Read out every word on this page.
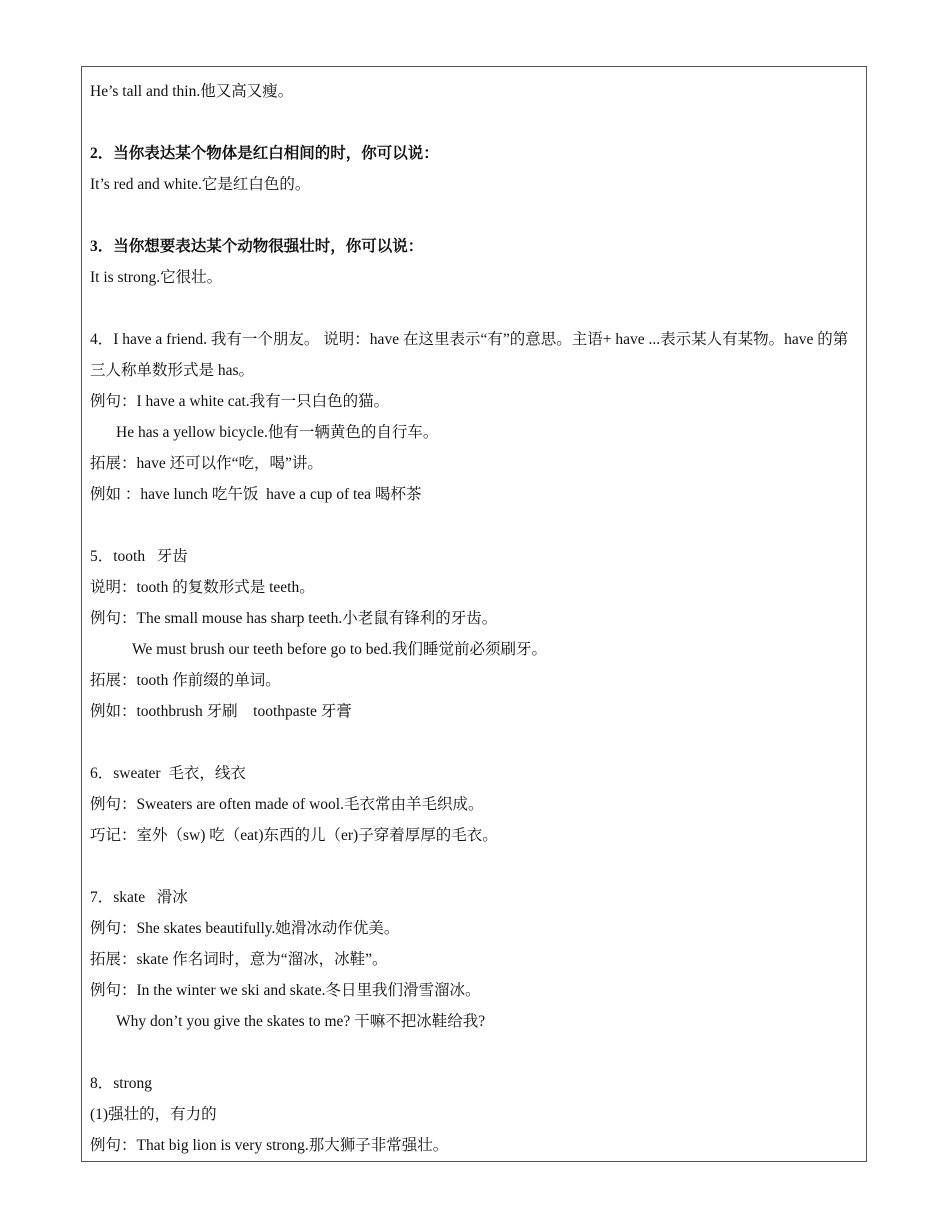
He’s tall and thin.他又高又瘦。
2．当你表达某个物体是红白相间的时，你可以说：
It’s red and white.它是红白色的。
3．当你想要表达某个动物很强壮时，你可以说：
It is strong.它很壮。
4．I have a friend. 我有一个朋友。 说明：have 在这里表示“有”的意思。主语+ have ...表示某人有某物。have 的第三人称单数形式是 has。
例句：I have a white cat.我有一只白色的猫。
He has a yellow bicycle.他有一辆黄色的自行车。
拓展：have 还可以作“吃，喝”讲。
例如 ：have lunch 吃午饭  have a cup of tea 喝杯茶
5．tooth   牙齿
说明：tooth 的复数形式是 teeth。
例句：The small mouse has sharp teeth.小老鼠有锋利的牙齿。
We must brush our teeth before go to bed.我们睡觉前必须刷牙。
拓展：tooth 作前缀的单词。
例如：toothbrush 牙刷    toothpaste 牙膏
6．sweater  毛衣，线衣
例句：Sweaters are often made of wool.毛衣常由羊毛织成。
巧记：室外（sw) 吃（eat)东西的儿（er)子穿着厚厚的毛衣。
7．skate   滑冰
例句：She skates beautifully.她滑冰动作优美。
拓展：skate 作名词时，意为“溜冰，冰鞋”。
例句：In the winter we ski and skate.冬日里我们滑雪溜冰。
Why don’t you give the skates to me? 干嘛不把冰鞋给我?
8．strong
(1)强壮的，有力的
例句：That big lion is very strong.那大狮子非常强壮。
